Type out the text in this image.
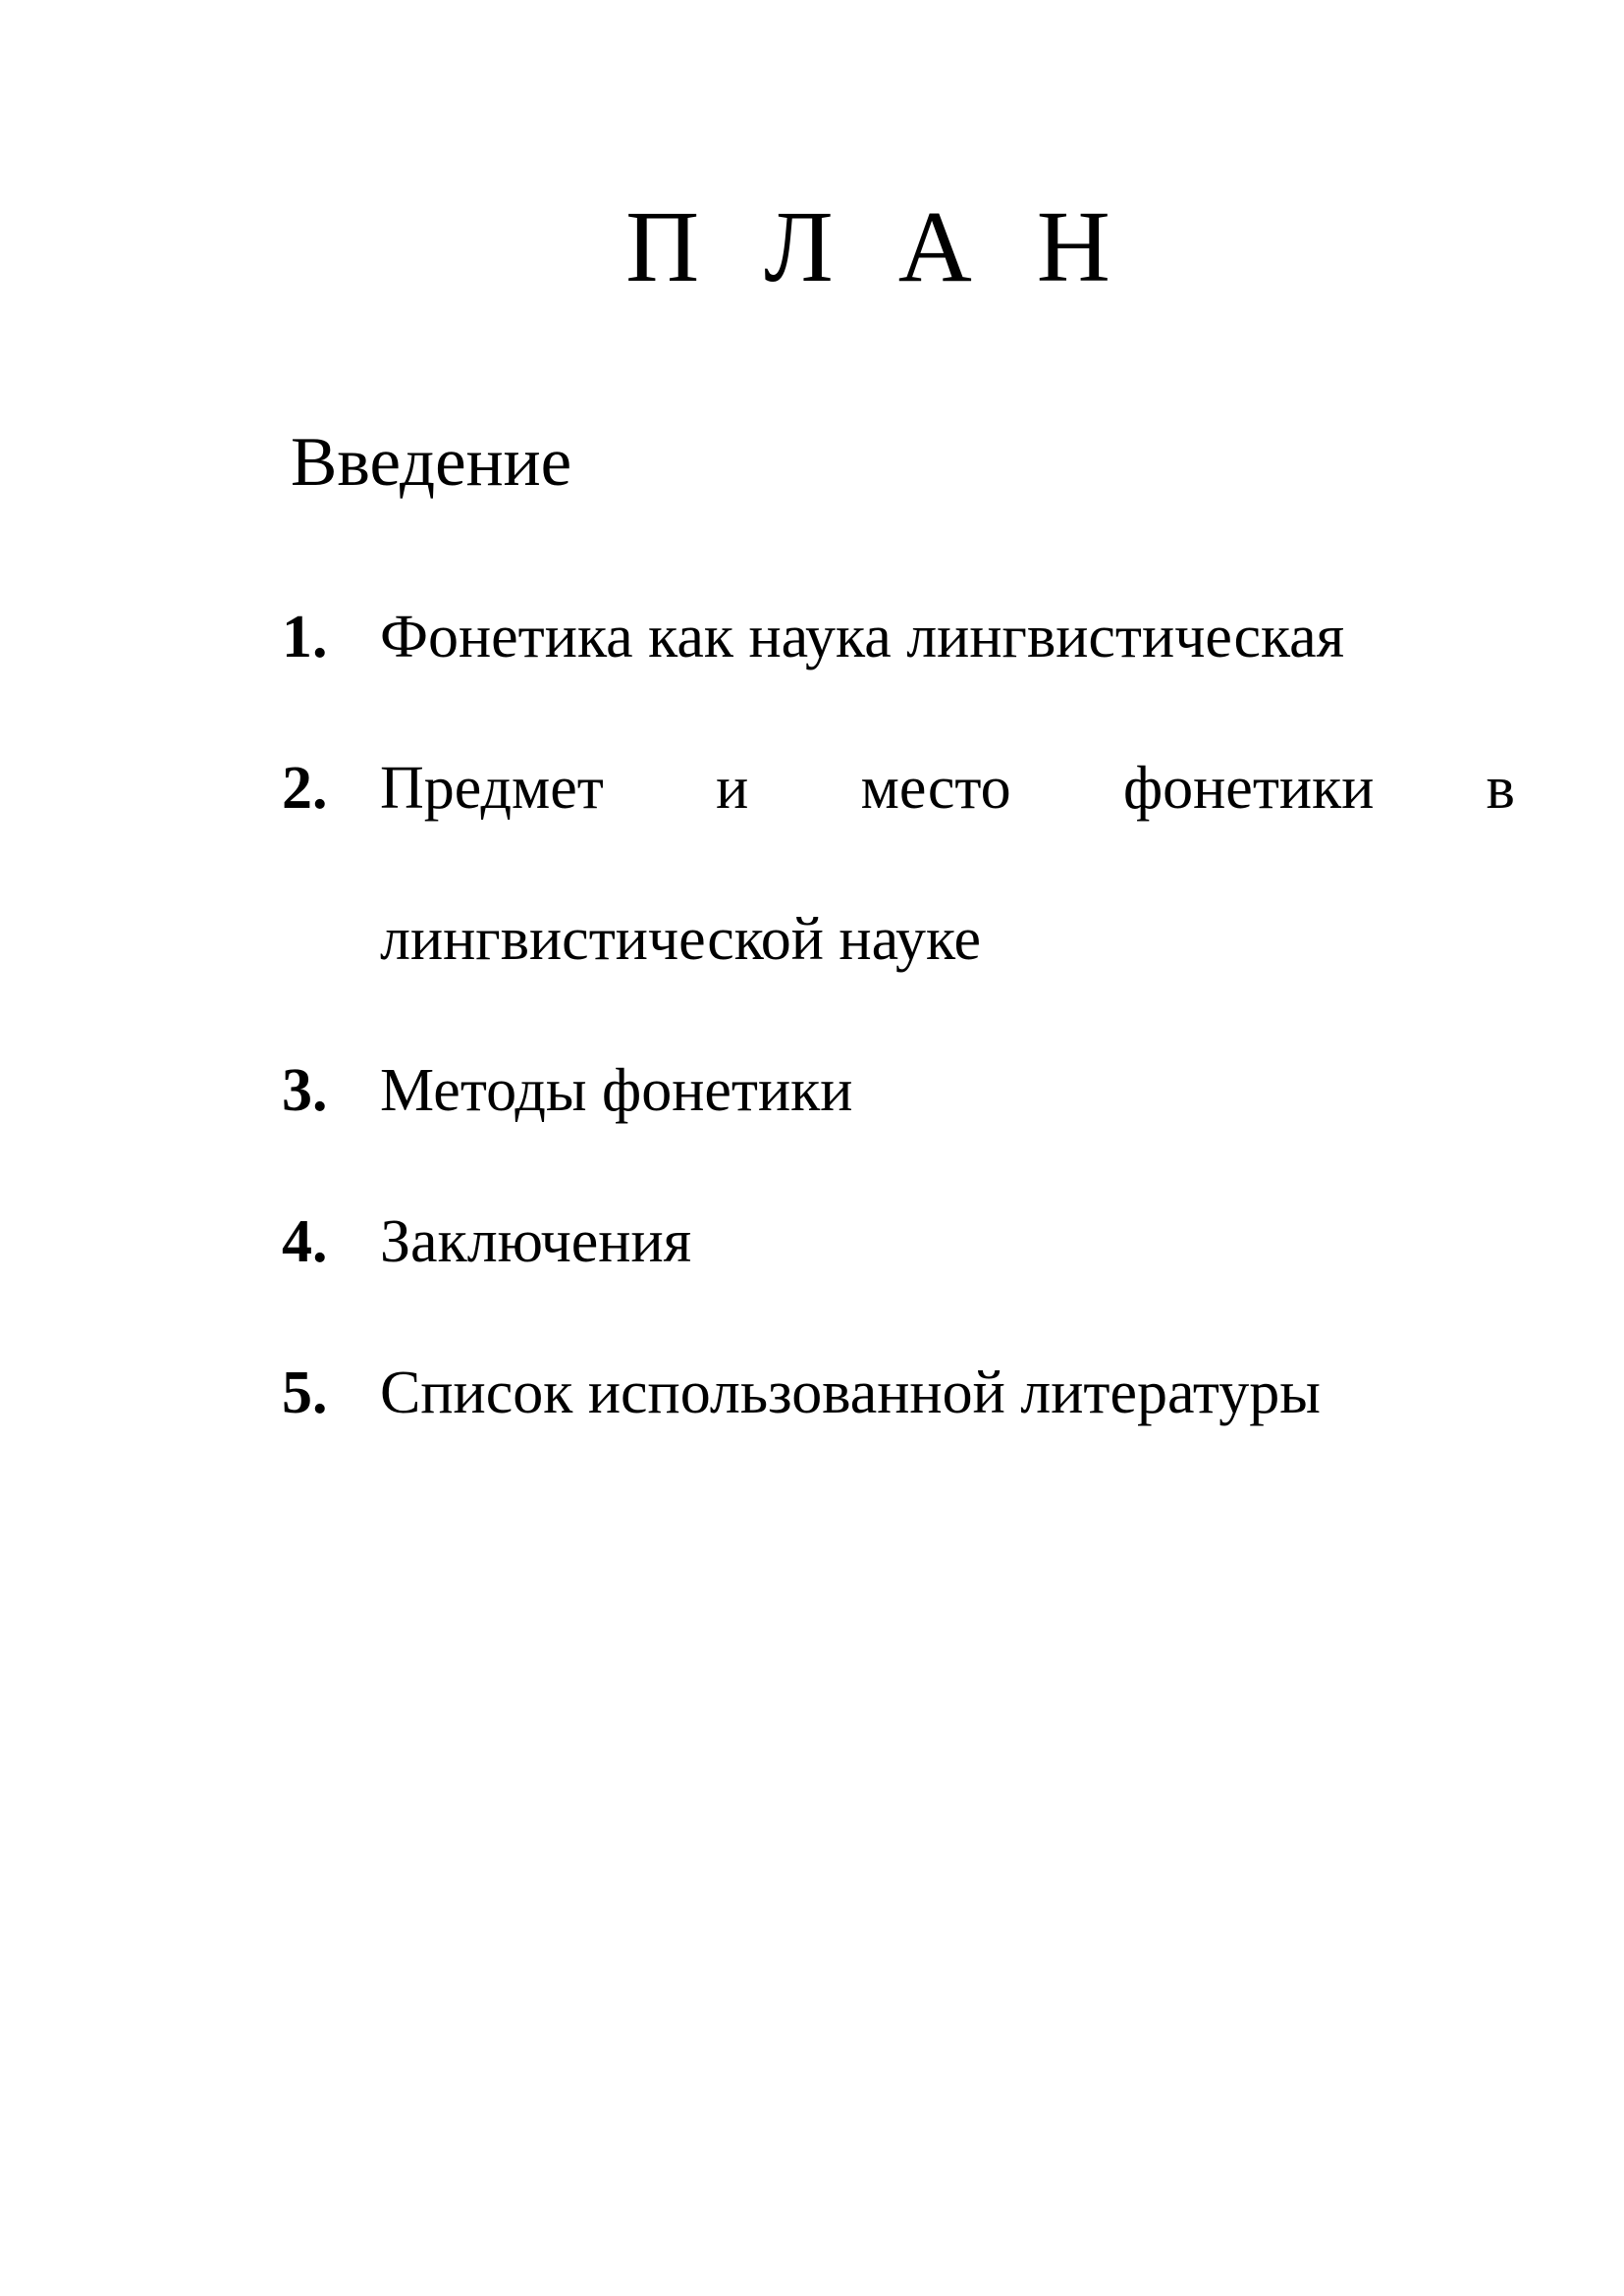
П Л А Н
Введение
1. Фонетика как наука лингвистическая
2. Предмет и место фонетики в
лингвистической науке
3. Методы фонетики
4. Заключения
5. Список использованной литературы
